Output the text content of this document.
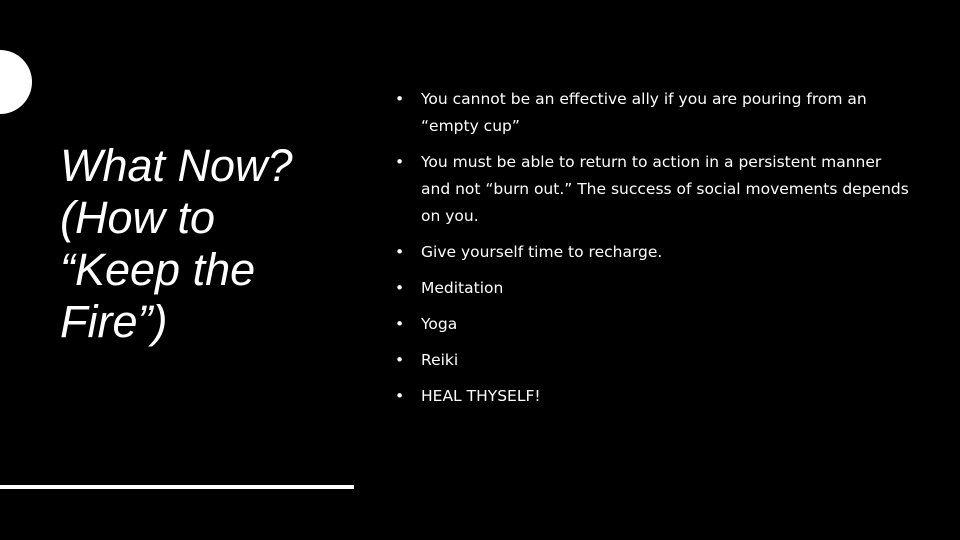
What Now?
(How to
“Keep the
Fire”)
• You cannot be an effective ally if you are pouring from an “empty cup”
• You must be able to return to action in a persistent manner and not “burn out.” The success of social movements depends on you.
• Give yourself time to recharge.
• Meditation
• Yoga
• Reiki
• HEAL THYSELF!
